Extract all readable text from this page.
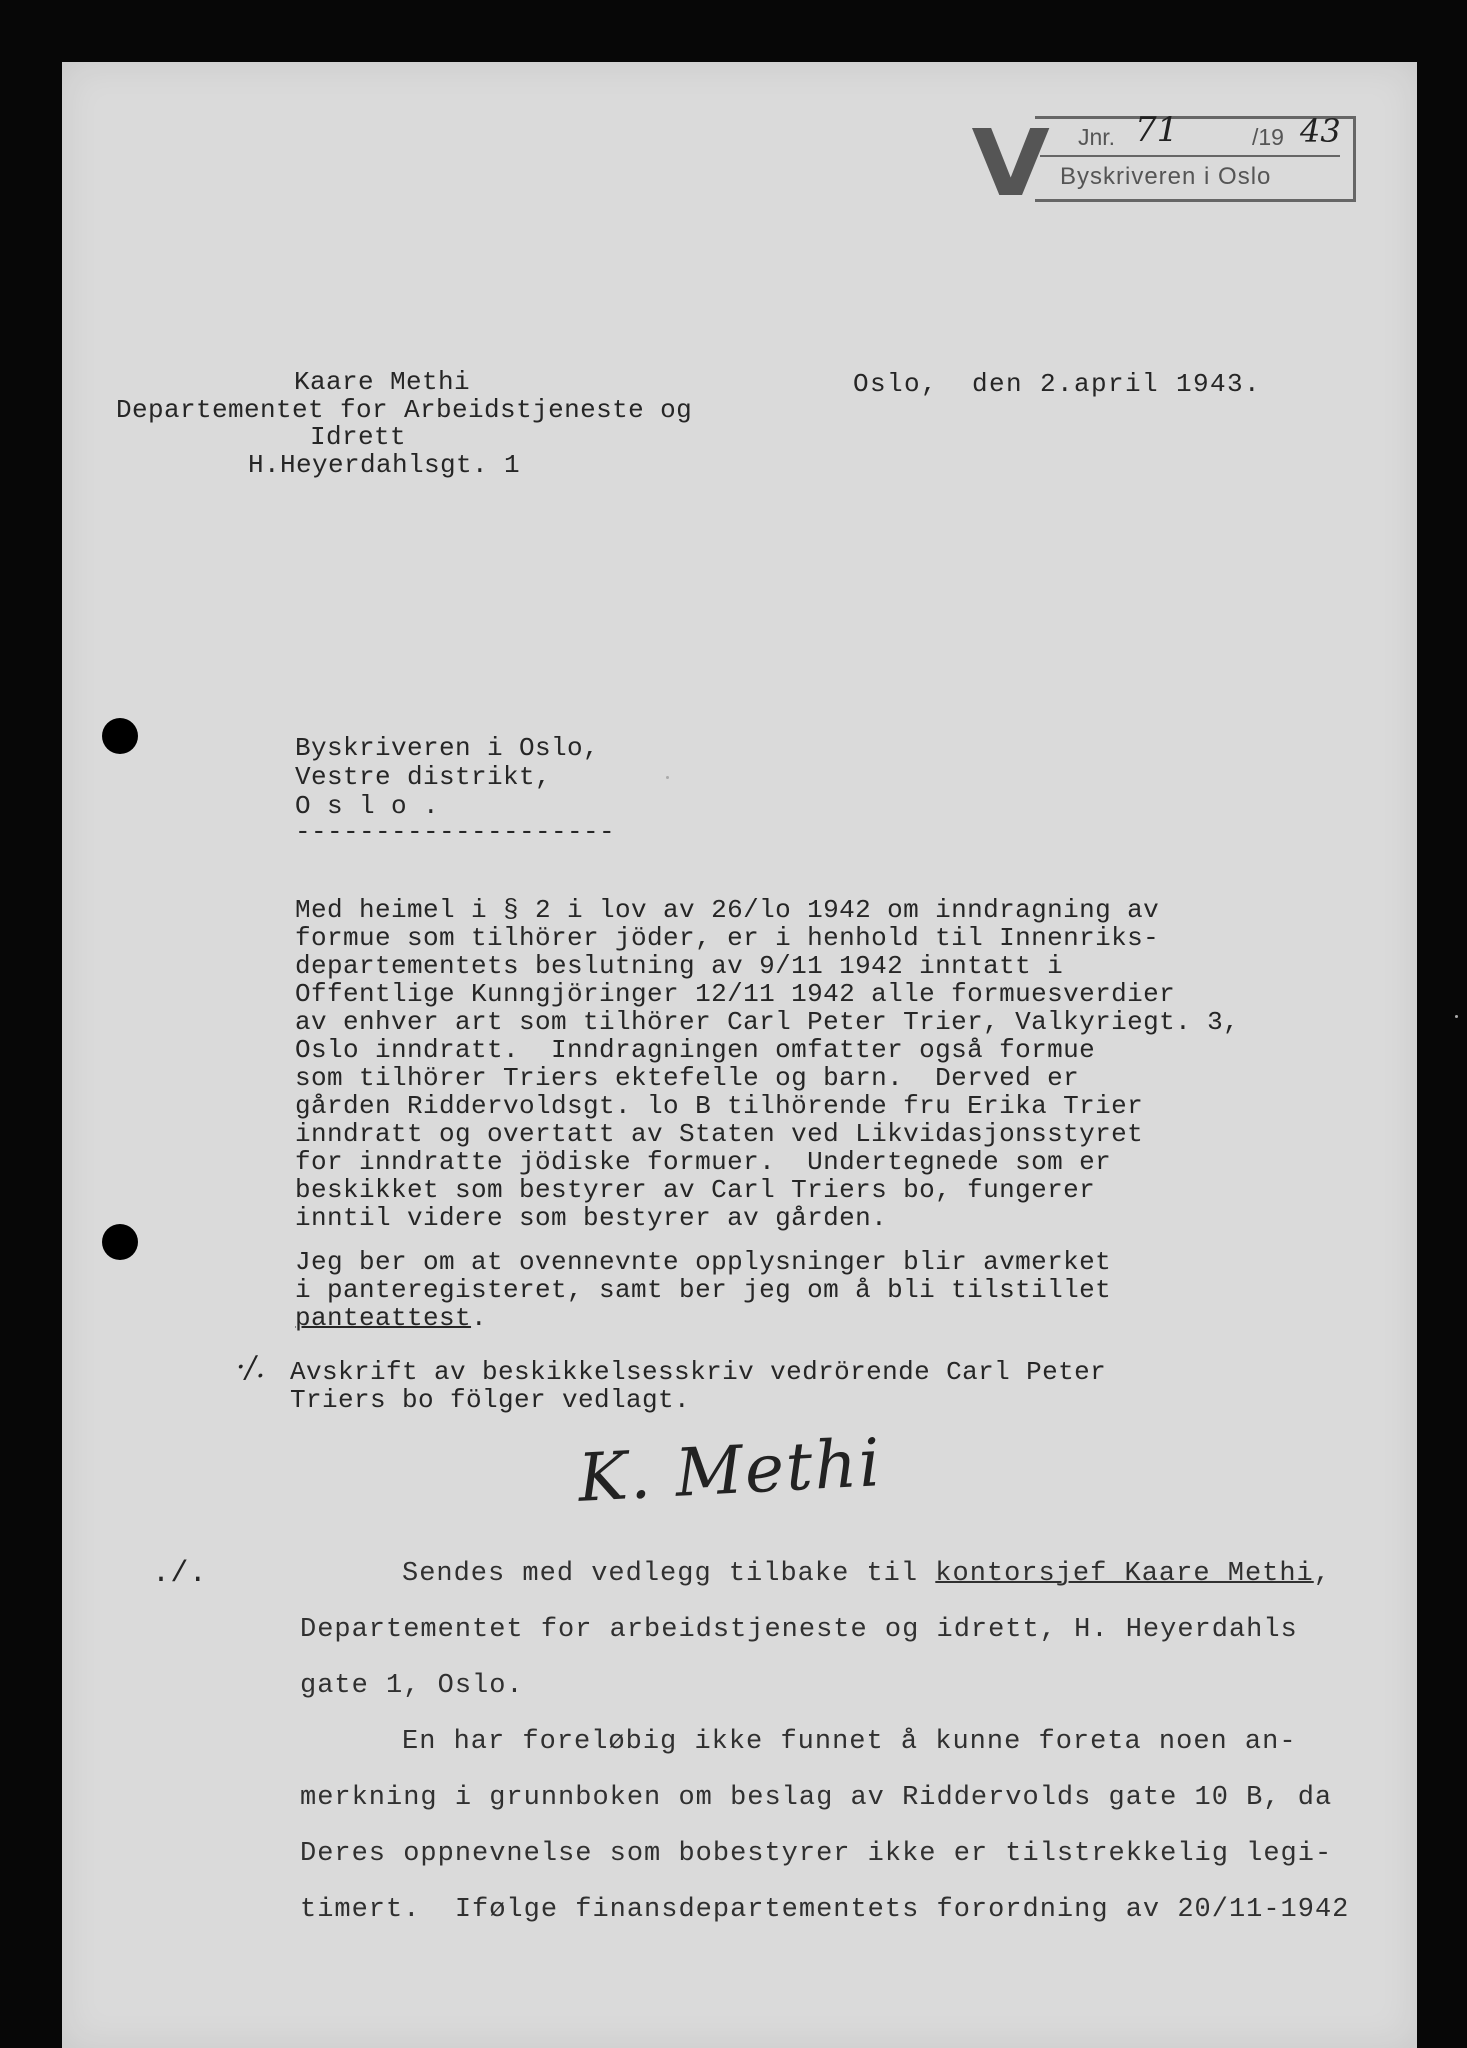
V Jnr. 71	/19 43
Byskriveren i Oslo
Kaare Methi
Departementet for Arbeidstjeneste og
Idrett
H.Heyerdahlsgt. 1
Oslo,  den 2.april 1943.
Byskriveren i Oslo,
Vestre distrikt,
O s l o .
--------------------
Med heimel i § 2 i lov av 26/lo 1942 om inndragning av
formue som tilhörer jöder, er i henhold til Innenriks-
departementets beslutning av 9/11 1942 inntatt i
Offentlige Kunngjöringer 12/11 1942 alle formuesverdier
av enhver art som tilhörer Carl Peter Trier, Valkyriegt. 3,
Oslo inndratt.  Inndragningen omfatter også formue
som tilhörer Triers ektefelle og barn.  Derved er
gården Riddervoldsgt. lo B tilhörende fru Erika Trier
inndratt og overtatt av Staten ved Likvidasjonsstyret
for inndratte jödiske formuer.  Undertegnede som er
beskikket som bestyrer av Carl Triers bo, fungerer
inntil videre som bestyrer av gården.
Jeg ber om at ovennevnte opplysninger blir avmerket
i panteregisteret, samt ber jeg om å bli tilstillet
panteattest.
·/. Avskrift av beskikkelsesskriv vedrörende Carl Peter
Triers bo fölger vedlagt.
K. Methi
./.	Sendes med vedlegg tilbake til kontorsjef Kaare Methi,
Departementet for arbeidstjeneste og idrett, H. Heyerdahls
gate 1, Oslo.
En har foreløbig ikke funnet å kunne foreta noen an-
merkning i grunnboken om beslag av Riddervolds gate 10 B, da
Deres oppnevnelse som bobestyrer ikke er tilstrekkelig legi-
timert.  Ifølge finansdepartementets forordning av 20/11-1942
